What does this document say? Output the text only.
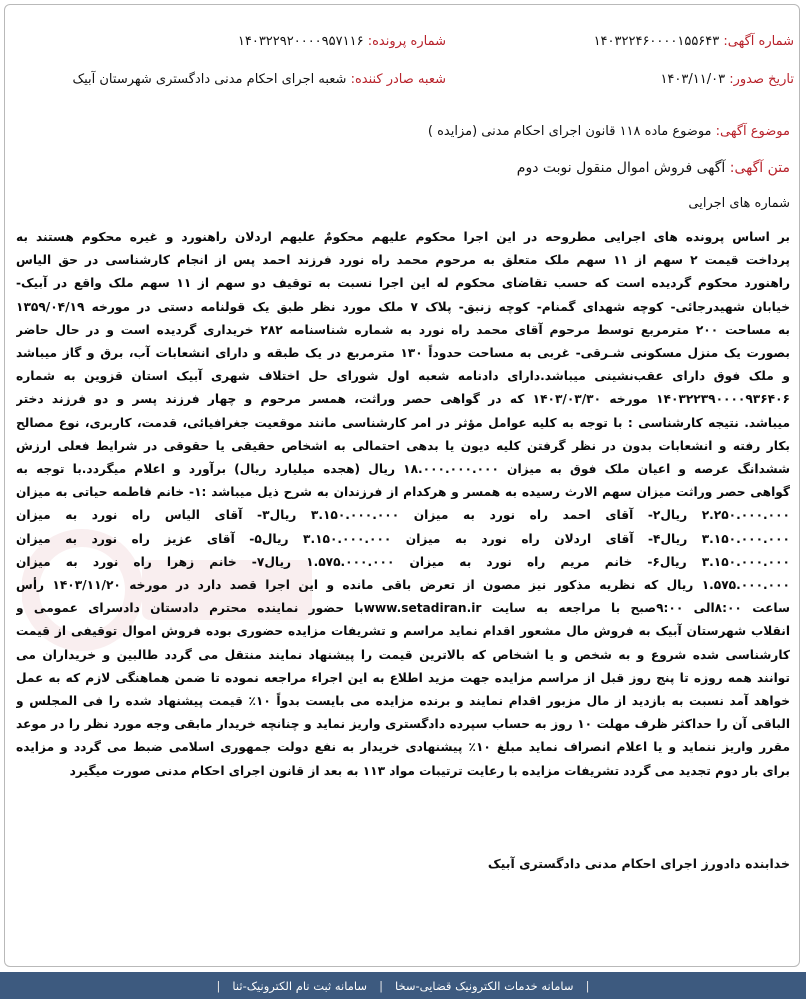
شماره آگهی: ۱۴۰۳۲۲۴۶۰۰۰۰۱۵۵۶۴۳
شماره پرونده: ۱۴۰۳۲۲۹۲۰۰۰۰۹۵۷۱۱۶
تاریخ صدور: ۱۴۰۳/۱۱/۰۳
شعبه صادر کننده: شعبه اجرای احکام مدنی دادگستری شهرستان آبیک
موضوع آگهی: موضوع ماده ۱۱۸ قانون اجرای احکام مدنی (مزایده )
متن آگهی: آگهی فروش اموال منقول نوبت دوم
شماره های اجرایی
بر اساس پرونده های اجرایی مطروحه در این اجرا محکوم علیهم محکومٌ علیهم اردلان راهنورد و غیره محکوم هستند به
پرداخت قیمت ۲ سهم از ۱۱ سهم ملک متعلق به مرحوم محمد راه نورد فرزند احمد پس از انجام کارشناسی در حق الیاس
راهنورد محکوم گردیده است که حسب تقاضای محکوم له این اجرا نسبت به توقیف دو سهم از ۱۱ سهم ملک واقع در آبیک-
خیابان شهیدرجائی- کوچه شهدای گمنام- کوچه زنبق- پلاک ۷ ملک مورد نظر طبق یک قولنامه دستی در مورخه ۱۳۵۹/۰۴/۱۹
به مساحت ۲۰۰ مترمربع توسط مرحوم آقای محمد راه نورد به شماره شناسنامه ۲۸۲ خریداری گردیده است و در حال حاضر
بصورت یک منزل مسکونی شـرقی- غربی به مساحت حدوداً ۱۳۰ مترمربع در یک طبقه و دارای انشعابات آب، برق و گاز میباشد
و ملک فوق دارای عقب‌نشینی میباشد.دارای دادنامه شعبه اول شورای حل اختلاف شهری آبیک استان قزوین به شماره
۱۴۰۳۲۲۳۹۰۰۰۰۹۳۶۴۰۶ مورخه ۱۴۰۳/۰۳/۳۰ که در گواهی حصر وراثت، همسر مرحوم و چهار فرزند پسر و دو فرزند دختر
میباشد. نتیجه کارشناسی : با توجه به کلیه عوامل مؤثر در امر کارشناسی مانند موقعیت جغرافیائی، قدمت، کاربری، نوع مصالح
بکار رفته و انشعابات بدون در نظر گرفتن کلیه دیون یا بدهی احتمالی به اشخاص حقیقی یا حقوقی در شرایط فعلی ارزش
ششدانگ عرصه و اعیان ملک فوق به میزان ۱۸.۰۰۰.۰۰۰.۰۰۰ ریال (هجده میلیارد ریال) برآورد و اعلام میگردد.با توجه به
گواهی حصر وراثت میزان سهم الارث رسیده به همسر و هرکدام از فرزندان به شرح ذیل میباشد :۱- خانم فاطمه حیاتی به میزان
۲.۲۵۰.۰۰۰.۰۰۰ ریال۲- آقای احمد راه نورد به میزان ۳.۱۵۰.۰۰۰.۰۰۰ ریال۳- آقای الیاس راه نورد به میزان
۳.۱۵۰.۰۰۰.۰۰۰ ریال۴- آقای اردلان راه نورد به میزان ۳.۱۵۰.۰۰۰.۰۰۰ ریال۵- آقای عزیز راه نورد به میزان
۳.۱۵۰.۰۰۰.۰۰۰ ریال۶- خانم مریم راه نورد به میزان ۱.۵۷۵.۰۰۰.۰۰۰ ریال۷- خانم زهرا راه نورد به میزان
۱.۵۷۵.۰۰۰.۰۰۰ ریال که نظریه مذکور نیز مصون از تعرض باقی مانده و این اجرا قصد دارد در مورخه ۱۴۰۳/۱۱/۲۰ رأس
ساعت ۸:۰۰الی ۹:۰۰صبح با مراجعه به سایت www.setadiran.irبا حضور نماینده محترم دادستان دادسرای عمومی و
انقلاب شهرستان آبیک به فروش مال مشعور اقدام نماید مراسم و تشریفات مزایده حضوری بوده فروش اموال توقیفی از قیمت
کارشناسی شده شروع و به شخص و یا اشخاص که بالاترین قیمت را پیشنهاد نمایند منتقل می گردد طالبین و خریداران می
توانند همه روزه تا پنج روز قبل از مراسم مزایده جهت مزید اطلاع به این اجراء مراجعه نموده تا ضمن هماهنگی لازم که به عمل
خواهد آمد نسبت به بازدید از مال مزبور اقدام نمایند و برنده مزایده می بایست بدواً ۱۰٪ قیمت پیشنهاد شده را فی المجلس و
الباقی آن را حداکثر ظرف مهلت ۱۰ روز به حساب سپرده دادگستری واریز نماید و چنانچه خریدار مابقی وجه مورد نظر را در موعد
مقرر واریز ننماید و یا اعلام انصراف نماید مبلغ ۱۰٪ پیشنهادی خریدار به نفع دولت جمهوری اسلامی ضبط می گردد و مزایده
برای بار دوم تجدید می گردد تشریفات مزایده با رعایت ترتیبات مواد ۱۱۳ به بعد از قانون اجرای احکام مدنی صورت میگیرد
خدابنده دادورز اجرای احکام مدنی دادگستری آبیک
|
سامانه خدمات الکترونیک قضایی-سخا
|
سامانه ثبت نام الکترونیک-ثنا
|
